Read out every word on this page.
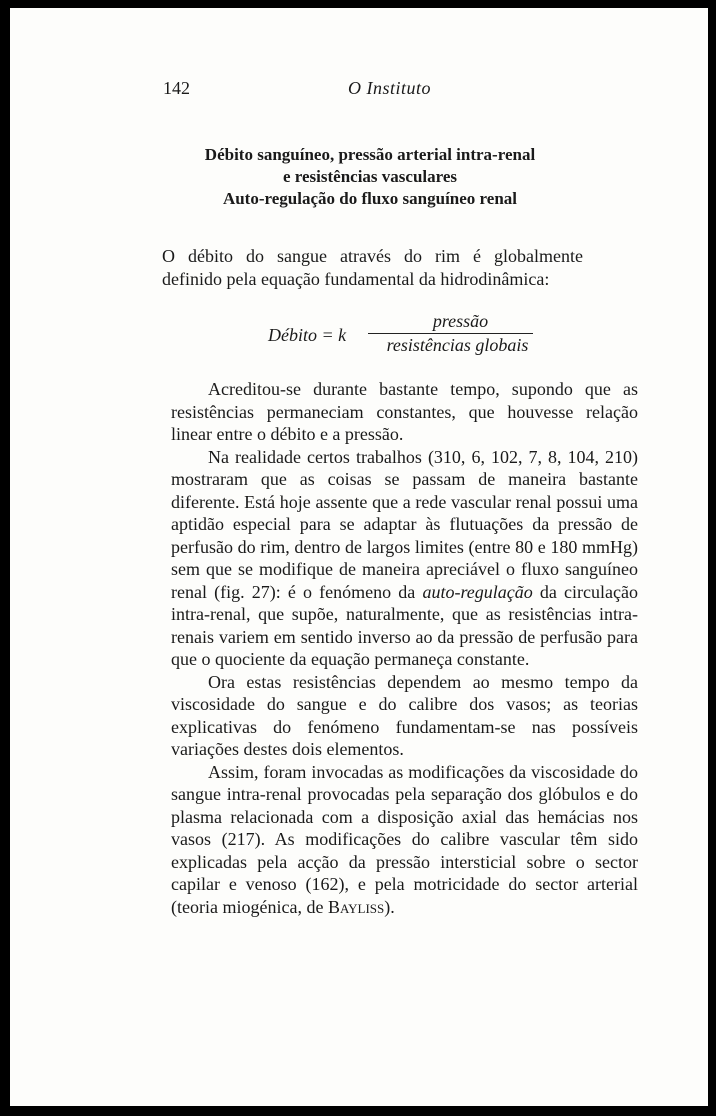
142	O Instituto
Débito sanguíneo, pressão arterial intra-renal
e resistências vasculares
Auto-regulação do fluxo sanguíneo renal

O débito do sangue através do rim é globalmente

definido pela equação fundamental da hidrodinâmica:

Débito = k
pressão
resistências globais

Acreditou-se durante bastante tempo, supondo que as resistências permaneciam constantes, que houvesse relação linear entre o débito e a pressão.

Na realidade certos trabalhos (310, 6, 102, 7, 8, 104, 210) mostraram que as coisas se passam de maneira bastante diferente. Está hoje assente que a rede vascular renal possui uma aptidão especial para se adaptar às flutuações da pressão de perfusão do rim, dentro de largos limites (entre 80 e 180 mmHg) sem que se modifique de maneira apreciável o fluxo sanguíneo renal (fig. 27): é o fenómeno da auto-regulação da circulação intra-renal, que supõe, naturalmente, que as resistências intra-renais variem em sentido inverso ao da pressão de perfusão para que o quociente da equação permaneça constante.

Ora estas resistências dependem ao mesmo tempo da viscosidade do sangue e do calibre dos vasos; as teorias explicativas do fenómeno fundamentam-se nas possíveis variações destes dois elementos.

Assim, foram invocadas as modificações da viscosidade do sangue intra-renal provocadas pela separação dos glóbulos e do plasma relacionada com a disposição axial das hemácias nos vasos (217). As modificações do calibre vascular têm sido explicadas pela acção da pressão intersticial sobre o sector capilar e venoso (162), e pela motricidade do sector arterial (teoria miogénica, de Bayliss).
